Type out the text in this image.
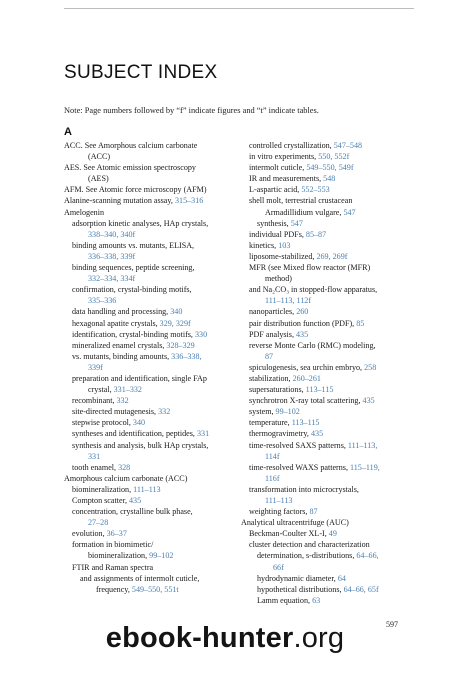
SUBJECT INDEX
Note: Page numbers followed by “f” indicate figures and “t” indicate tables.
A
ACC. See Amorphous calcium carbonate
(ACC)
AES. See Atomic emission spectroscopy
(AES)
AFM. See Atomic force microscopy (AFM)
Alanine-scanning mutation assay, 315–316
Amelogenin
adsorption kinetic analyses, HAp crystals,
338–340, 340f
binding amounts vs. mutants, ELISA,
336–338, 339f
binding sequences, peptide screening,
332–334, 334f
confirmation, crystal-binding motifs,
335–336
data handling and processing, 340
hexagonal apatite crystals, 329, 329f
identification, crystal-binding motifs, 330
mineralized enamel crystals, 328–329
vs. mutants, binding amounts, 336–338,
339f
preparation and identification, single FAp
crystal, 331–332
recombinant, 332
site-directed mutagenesis, 332
stepwise protocol, 340
syntheses and identification, peptides, 331
synthesis and analysis, bulk HAp crystals,
331
tooth enamel, 328
Amorphous calcium carbonate (ACC)
biomineralization, 111–113
Compton scatter, 435
concentration, crystalline bulk phase,
27–28
evolution, 36–37
formation in biomimetic/
biomineralization, 99–102
FTIR and Raman spectra
and assignments of intermolt cuticle,
frequency, 549–550, 551t
controlled crystallization, 547–548
in vitro experiments, 550, 552f
intermolt cuticle, 549–550, 549f
IR and measurements, 548
L-aspartic acid, 552–553
shell molt, terrestrial crustacean
Armadillidium vulgare, 547
synthesis, 547
individual PDFs, 85–87
kinetics, 103
liposome-stabilized, 269, 269f
MFR (see Mixed flow reactor (MFR)
method)
and Na₂CO₃ in stopped-flow apparatus,
111–113, 112f
nanoparticles, 260
pair distribution function (PDF), 85
PDF analysis, 435
reverse Monte Carlo (RMC) modeling,
87
spiculogenesis, sea urchin embryo, 258
stabilization, 260–261
supersaturations, 113–115
synchrotron X-ray total scattering, 435
system, 99–102
temperature, 113–115
thermogravimetry, 435
time-resolved SAXS patterns, 111–113,
114f
time-resolved WAXS patterns, 115–119,
116f
transformation into microcrystals,
111–113
weighting factors, 87
Analytical ultracentrifuge (AUC)
Beckman-Coulter XL-I, 49
cluster detection and characterization
determination, s-distributions, 64–66,
66f
hydrodynamic diameter, 64
hypothetical distributions, 64–66, 65f
Lamm equation, 63
597
ebook-hunter.org
